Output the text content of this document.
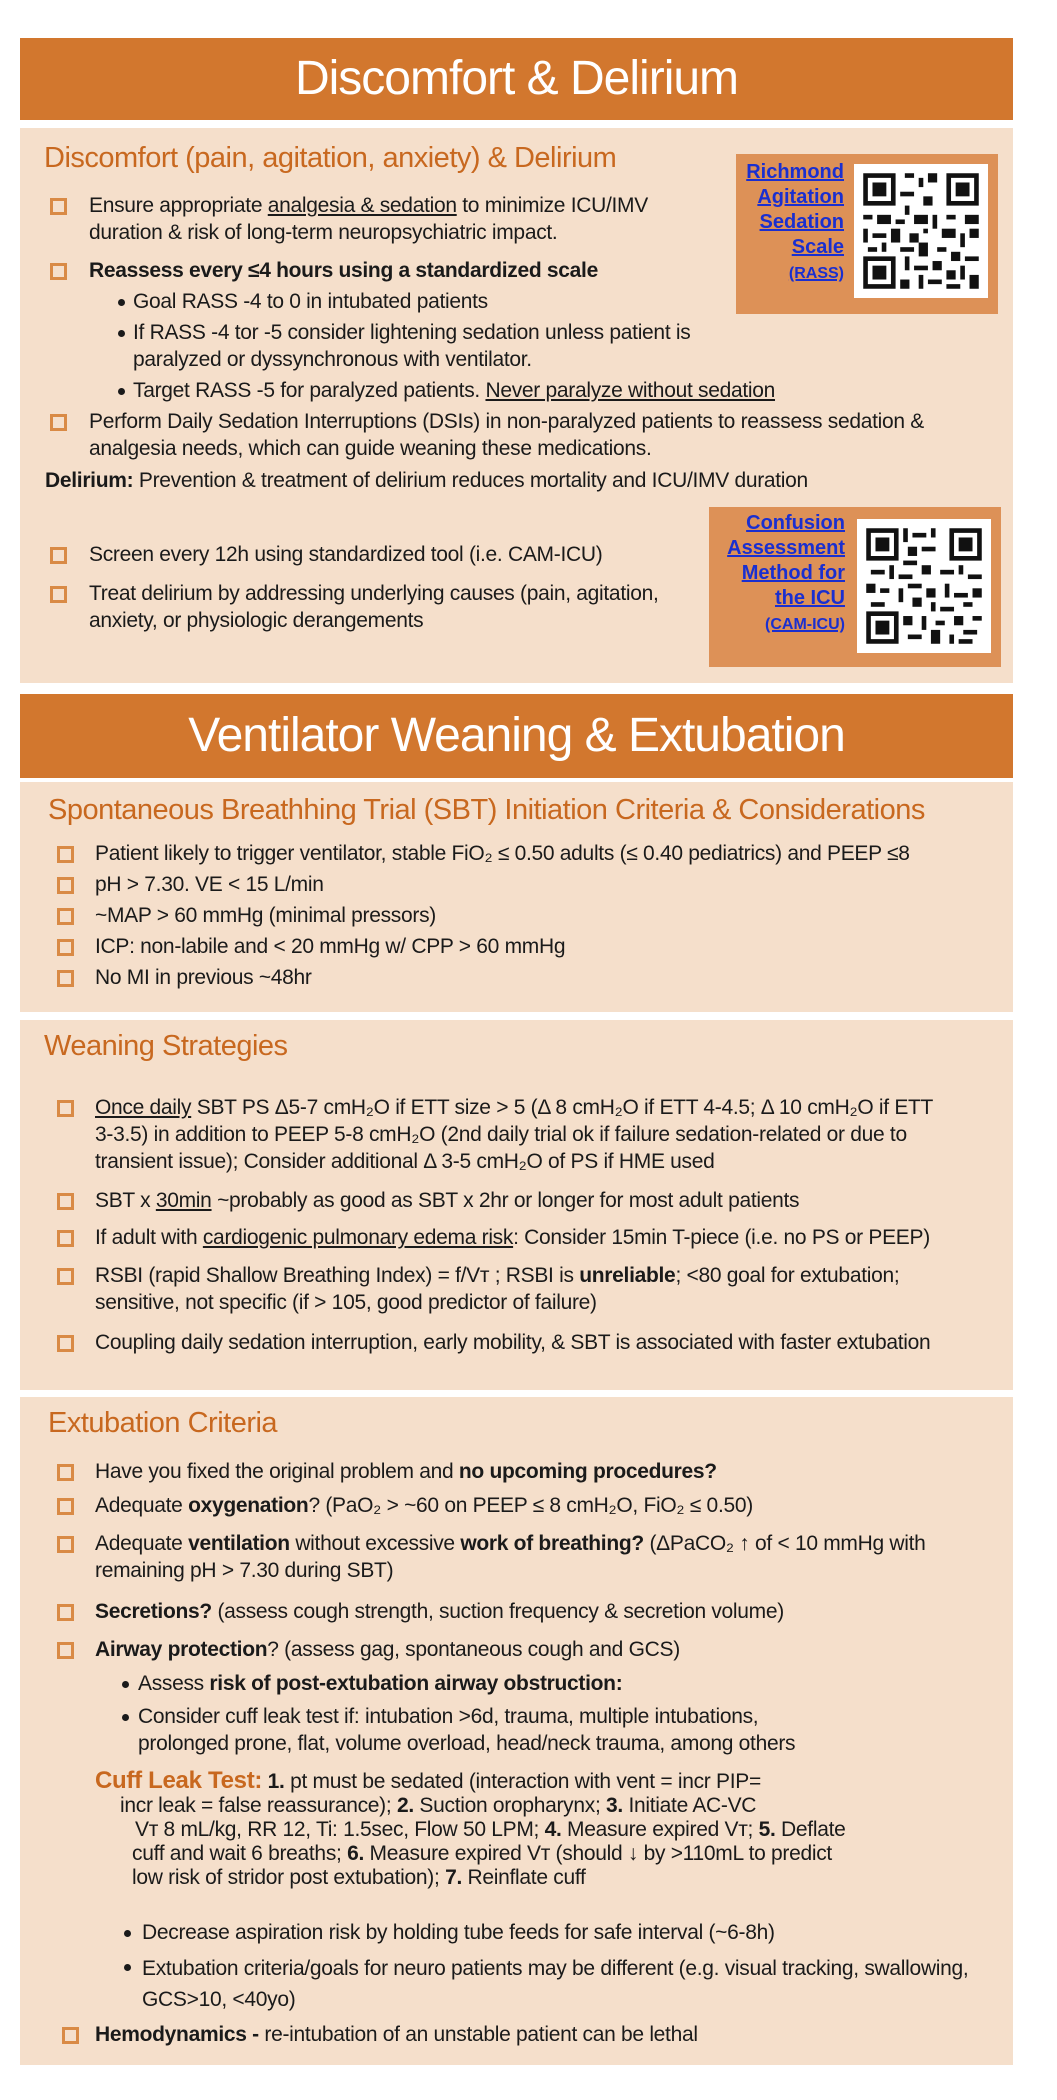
Discomfort & Delirium
Discomfort (pain, agitation, anxiety) & Delirium
Ensure appropriate analgesia & sedation to minimize ICU/IMV
duration & risk of long-term neuropsychiatric impact.
Reassess every ≤4 hours using a standardized scale
Goal RASS -4 to 0 in intubated patients
If RASS -4 tor -5 consider lightening sedation unless patient is
paralyzed or dyssynchronous with ventilator.
Target RASS -5 for paralyzed patients. Never paralyze without sedation
Perform Daily Sedation Interruptions (DSIs) in non-paralyzed patients to reassess sedation &
analgesia needs, which can guide weaning these medications.
Delirium: Prevention & treatment of delirium reduces mortality and ICU/IMV duration
Screen every 12h using standardized tool (i.e. CAM-ICU)
Treat delirium by addressing underlying causes (pain, agitation,
anxiety, or physiologic derangements
Richmond
Agitation
Sedation
Scale
(RASS)
Confusion
Assessment
Method for
the ICU
(CAM-ICU)
Ventilator Weaning & Extubation
Spontaneous Breathhing Trial (SBT) Initiation Criteria & Considerations
Patient likely to trigger ventilator, stable FiO₂ ≤ 0.50 adults (≤ 0.40 pediatrics) and PEEP ≤8
pH > 7.30. VE < 15 L/min
~MAP > 60 mmHg (minimal pressors)
ICP: non-labile and < 20 mmHg w/ CPP > 60 mmHg
No MI in previous ~48hr
Weaning Strategies
Once daily SBT PS Δ5-7 cmH₂O if ETT size > 5 (Δ 8 cmH₂O if ETT 4-4.5; Δ 10 cmH₂O if ETT
3-3.5) in addition to PEEP 5-8 cmH₂O (2nd daily trial ok if failure sedation-related or due to
transient issue); Consider additional Δ 3-5 cmH₂O of PS if HME used
SBT x 30min ~probably as good as SBT x 2hr or longer for most adult patients
If adult with cardiogenic pulmonary edema risk: Consider 15min T-piece (i.e. no PS or PEEP)
RSBI (rapid Shallow Breathing Index) = f/Vᴛ ; RSBI is unreliable; <80 goal for extubation;
sensitive, not specific (if > 105, good predictor of failure)
Coupling daily sedation interruption, early mobility, & SBT is associated with faster extubation
Extubation Criteria
Have you fixed the original problem and no upcoming procedures?
Adequate oxygenation? (PaO₂ > ~60 on PEEP ≤ 8 cmH₂O, FiO₂ ≤ 0.50)
Adequate ventilation without excessive work of breathing? (ΔPaCO₂ ↑ of < 10 mmHg with
remaining pH > 7.30 during SBT)
Secretions? (assess cough strength, suction frequency & secretion volume)
Airway protection? (assess gag, spontaneous cough and GCS)
Assess risk of post-extubation airway obstruction:
Consider cuff leak test if: intubation >6d, trauma, multiple intubations,
prolonged prone, flat, volume overload, head/neck trauma, among others
Cuff Leak Test: 1. pt must be sedated (interaction with vent = incr PIP=
incr leak = false reassurance); 2. Suction oropharynx; 3. Initiate AC-VC
Vᴛ 8 mL/kg, RR 12, Ti: 1.5sec, Flow 50 LPM; 4. Measure expired Vᴛ; 5. Deflate
cuff and wait 6 breaths; 6. Measure expired Vᴛ (should ↓ by >110mL to predict
low risk of stridor post extubation); 7. Reinflate cuff
Decrease aspiration risk by holding tube feeds for safe interval (~6-8h)
Extubation criteria/goals for neuro patients may be different (e.g. visual tracking, swallowing,
GCS>10, <40yo)
Hemodynamics - re-intubation of an unstable patient can be lethal
